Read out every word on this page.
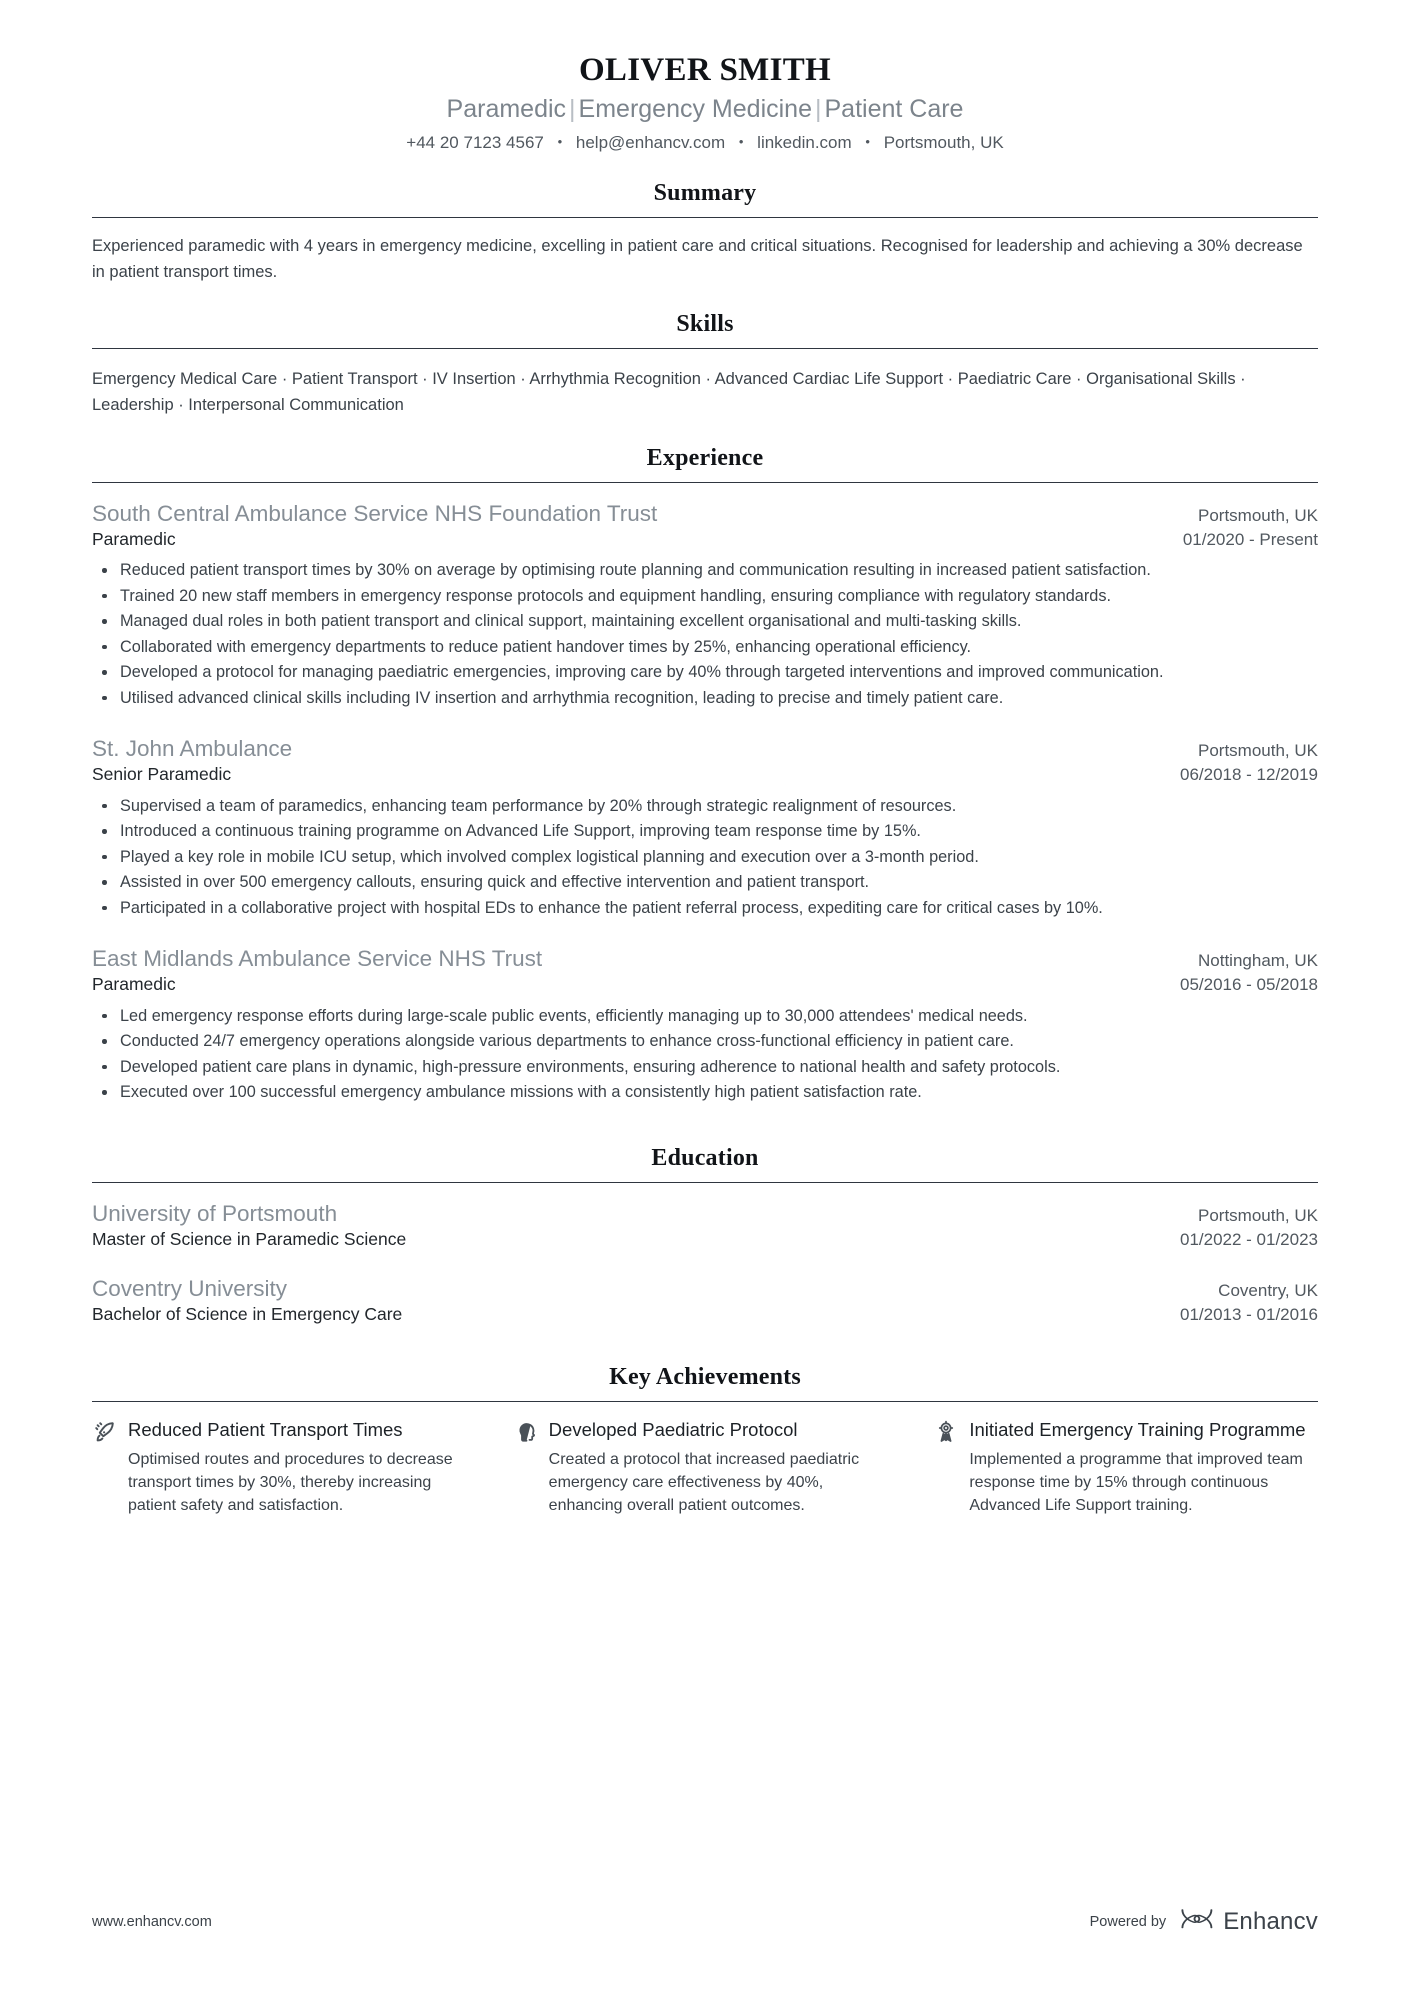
OLIVER SMITH
Paramedic | Emergency Medicine | Patient Care
+44 20 7123 4567 • help@enhancv.com • linkedin.com • Portsmouth, UK
Summary

Experienced paramedic with 4 years in emergency medicine, excelling in patient care and critical situations. Recognised for leadership and achieving a 30% decrease in patient transport times.

Skills

Emergency Medical Care · Patient Transport · IV Insertion · Arrhythmia Recognition · Advanced Cardiac Life Support · Paediatric Care · Organisational Skills · Leadership · Interpersonal Communication

Experience
South Central Ambulance Service NHS Foundation Trust	Portsmouth, UK
Paramedic	01/2020 - Present
Reduced patient transport times by 30% on average by optimising route planning and communication resulting in increased patient satisfaction.
Trained 20 new staff members in emergency response protocols and equipment handling, ensuring compliance with regulatory standards.
Managed dual roles in both patient transport and clinical support, maintaining excellent organisational and multi-tasking skills.
Collaborated with emergency departments to reduce patient handover times by 25%, enhancing operational efficiency.
Developed a protocol for managing paediatric emergencies, improving care by 40% through targeted interventions and improved communication.
Utilised advanced clinical skills including IV insertion and arrhythmia recognition, leading to precise and timely patient care.
St. John Ambulance	Portsmouth, UK
Senior Paramedic	06/2018 - 12/2019
Supervised a team of paramedics, enhancing team performance by 20% through strategic realignment of resources.
Introduced a continuous training programme on Advanced Life Support, improving team response time by 15%.
Played a key role in mobile ICU setup, which involved complex logistical planning and execution over a 3-month period.
Assisted in over 500 emergency callouts, ensuring quick and effective intervention and patient transport.
Participated in a collaborative project with hospital EDs to enhance the patient referral process, expediting care for critical cases by 10%.
East Midlands Ambulance Service NHS Trust	Nottingham, UK
Paramedic	05/2016 - 05/2018
Led emergency response efforts during large-scale public events, efficiently managing up to 30,000 attendees' medical needs.
Conducted 24/7 emergency operations alongside various departments to enhance cross-functional efficiency in patient care.
Developed patient care plans in dynamic, high-pressure environments, ensuring adherence to national health and safety protocols.
Executed over 100 successful emergency ambulance missions with a consistently high patient satisfaction rate.
Education
University of Portsmouth	Portsmouth, UK
Master of Science in Paramedic Science	01/2022 - 01/2023
Coventry University	Coventry, UK
Bachelor of Science in Emergency Care	01/2013 - 01/2016
Key Achievements
Reduced Patient Transport Times
Optimised routes and procedures to decrease transport times by 30%, thereby increasing patient safety and satisfaction.
Developed Paediatric Protocol
Created a protocol that increased paediatric emergency care effectiveness by 40%, enhancing overall patient outcomes.
Initiated Emergency Training Programme
Implemented a programme that improved team response time by 15% through continuous Advanced Life Support training.
www.enhancv.com	Powered by Enhancv
